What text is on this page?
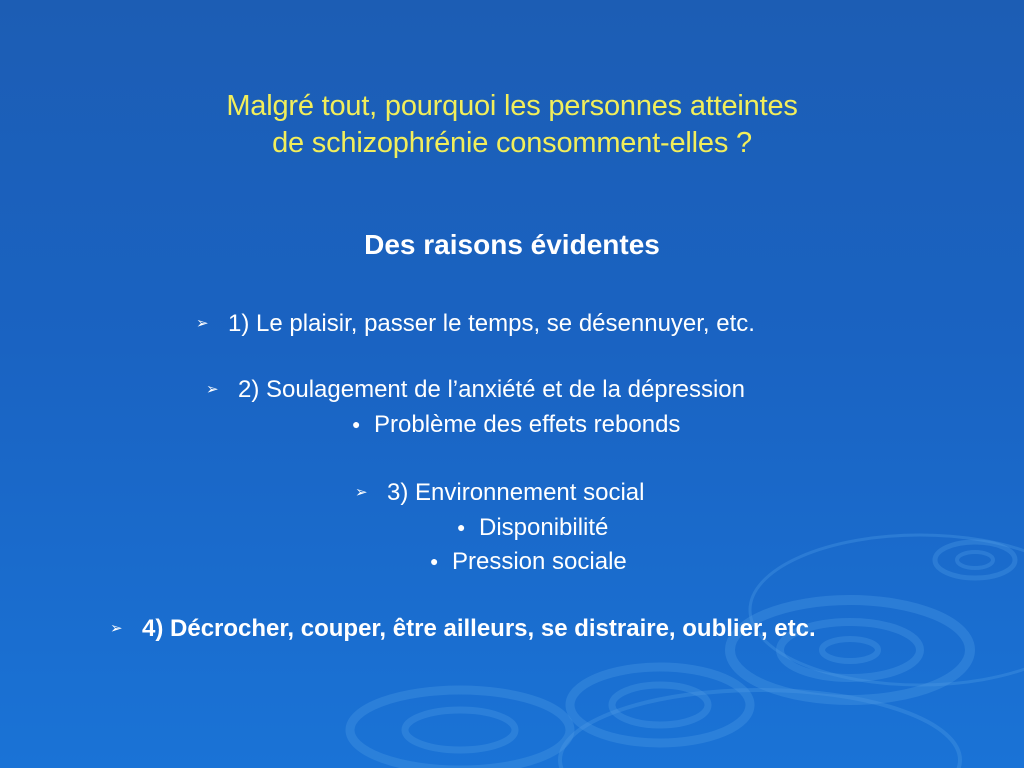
Malgré tout, pourquoi les personnes atteintes
de schizophrénie consomment-elles ?
Des raisons évidentes
➢ 1) Le plaisir, passer le temps, se désennuyer, etc.
➢ 2) Soulagement de l’anxiété et de la dépression
● Problème des effets rebonds
➢ 3) Environnement social
● Disponibilité
● Pression sociale
➢ 4) Décrocher, couper, être ailleurs, se distraire, oublier, etc.
